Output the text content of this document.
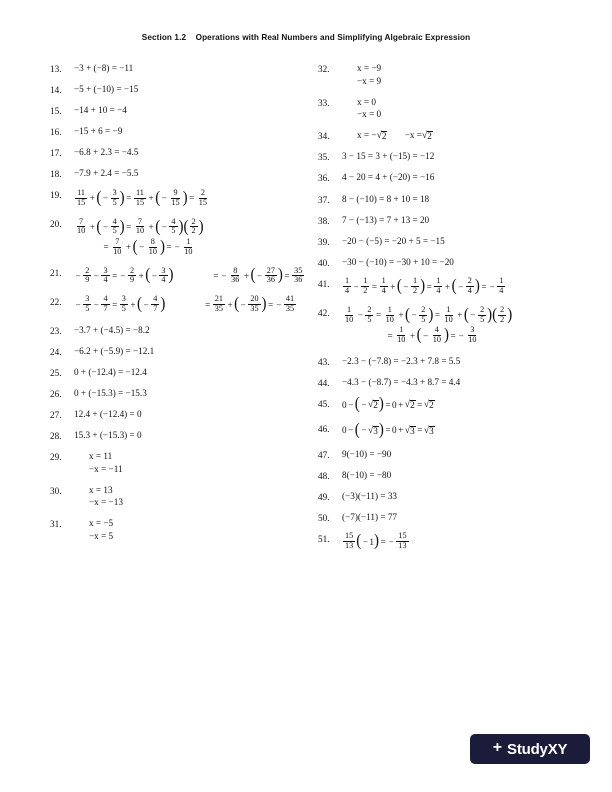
Section 1.2 Operations with Real Numbers and Simplifying Algebraic Expression
13.	−3 + (−8) = −11
14.	−5 + (−10) = −15
15.	−14 + 10 = −4
16.	−15 + 6 = −9
17.	−6.8 + 2.3 = −4.5
18.	−7.9 + 2.4 = −5.5
19.	$\frac{11}{15}$ + ( − $\frac{3}{5}$ ) = $\frac{11}{15}$ + ( − $\frac{9}{15}$ ) = $\frac{2}{15}$
20.	$\frac{7}{10}$ + ( − $\frac{4}{5}$ ) = $\frac{7}{10}$ + ( − $\frac{4}{5}$ ) ( $\frac{2}{2}$ )

= $\frac{7}{10}$ + ( − $\frac{8}{10}$ ) = − $\frac{1}{10}$
21.	− $\frac{2}{9} - \frac{3}{4}$ = − $\frac{2}{9}$ + ( − $\frac{3}{4}$ )
	= − $\frac{8}{36}$ + ( − $\frac{27}{36}$ ) = $\frac{35}{36}$
22.	− $\frac{3}{5} - \frac{4}{7} = \frac{3}{5}$ + ( − $\frac{4}{7}$ )
	= $\frac{21}{35}$ + ( − $\frac{20}{35}$ ) = − $\frac{41}{35}$
23.	−3.7 + (−4.5) = −8.2
24.	−6.2 + (−5.9) = −12.1
25.	0 + (−12.4) = −12.4
26.	0 + (−15.3) = −15.3
27.	12.4 + (−12.4) = 0
28.	15.3 + (−15.3) = 0
29.	x = 11
−x = −11
30.	x = 13
−x = −13
31.	x = −5
−x = 5
32.	x = −9
−x = 9
33.	x = 0
−x = 0
34.	x = − √ 2
−x = √ 2
35.	3 − 15 = 3 + (−15) = −12
36.	4 − 20 = 4 + (−20) = −16
37.	8 − (−10) = 8 + 10 = 18
38.	7 − (−13) = 7 + 13 = 20
39.	−20 − (−5) = −20 + 5 = −15
40.	−30 − (−10) = −30 + 10 = −20
41.	$\frac{1}{4} - \frac{1}{2} = \frac{1}{4}$ + ( − $\frac{1}{2}$ ) = $\frac{1}{4}$ + ( − $\frac{2}{4}$ ) = − $\frac{1}{4}$
42.	$\frac{1}{10} - \frac{2}{5} = \frac{1}{10}$ + ( − $\frac{2}{5}$ ) = $\frac{1}{10}$ + ( − $\frac{2}{5}$ ) ( $\frac{2}{2}$ )

= $\frac{1}{10}$ + ( − $\frac{4}{10}$ ) = − $\frac{3}{10}$
43.	−2.3 − (−7.8) = −2.3 + 7.8 = 5.5
44.	−4.3 − (−8.7) = −4.3 + 8.7 = 4.4
45.	0 − ( − √ 2 ) = 0 + √ 2 = √ 2
46.	0 − ( − √ 3 ) = 0 + √ 3 = √ 3
47.	9(−10) = −90
48.	8(−10) = −80
49.	(−3)(−11) = 33
50.	(−7)(−11) = 77
51.	$\frac{15}{13}$ ( − 1 ) = − $\frac{15}{13}$
+ StudyXY
